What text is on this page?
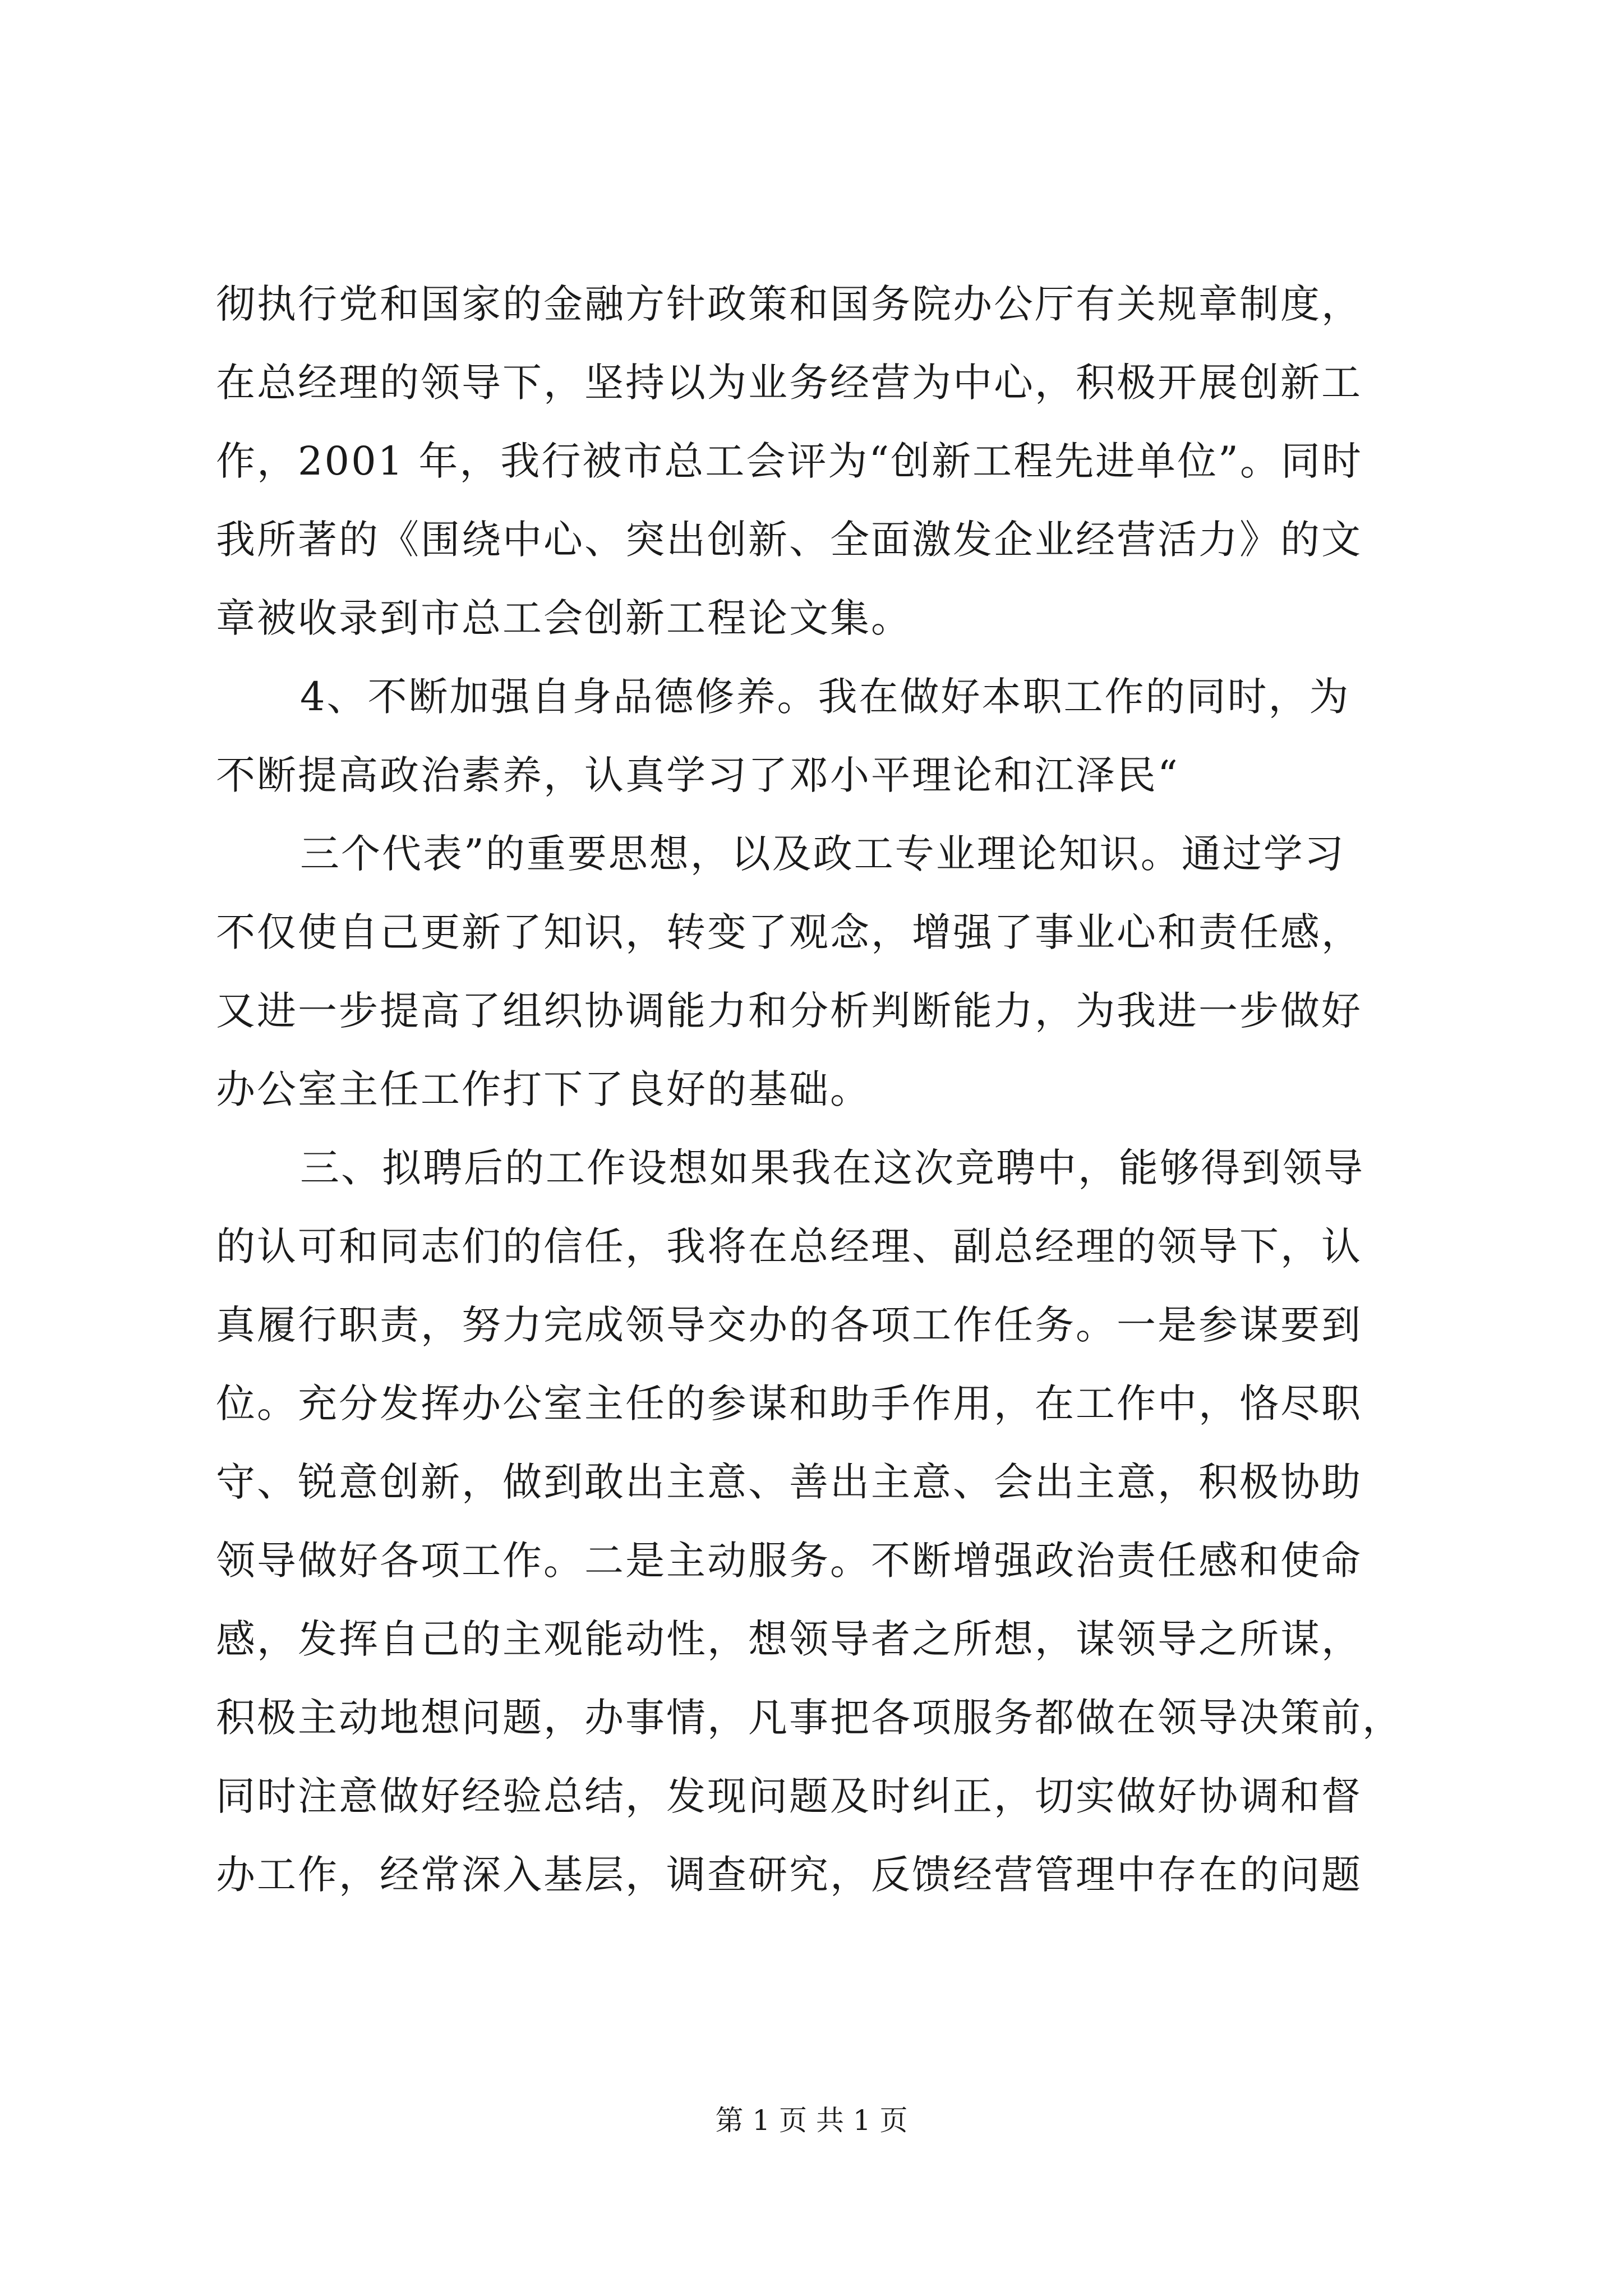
彻执行党和国家的金融方针政策和国务院办公厅有关规章制度，
在总经理的领导下，坚持以为业务经营为中心，积极开展创新工
作，2001 年，我行被市总工会评为“创新工程先进单位”。同时
我所著的《围绕中心、突出创新、全面激发企业经营活力》的文
章被收录到市总工会创新工程论文集。
4、不断加强自身品德修养。我在做好本职工作的同时，为
不断提高政治素养，认真学习了邓小平理论和江泽民“
三个代表”的重要思想，以及政工专业理论知识。通过学习
不仅使自己更新了知识，转变了观念，增强了事业心和责任感，
又进一步提高了组织协调能力和分析判断能力，为我进一步做好
办公室主任工作打下了良好的基础。
三、拟聘后的工作设想如果我在这次竞聘中，能够得到领导
的认可和同志们的信任，我将在总经理、副总经理的领导下，认
真履行职责，努力完成领导交办的各项工作任务。一是参谋要到
位。充分发挥办公室主任的参谋和助手作用，在工作中，恪尽职
守、锐意创新，做到敢出主意、善出主意、会出主意，积极协助
领导做好各项工作。二是主动服务。不断增强政治责任感和使命
感，发挥自己的主观能动性，想领导者之所想，谋领导之所谋，
积极主动地想问题，办事情，凡事把各项服务都做在领导决策前，
同时注意做好经验总结，发现问题及时纠正，切实做好协调和督
办工作，经常深入基层，调查研究，反馈经营管理中存在的问题
第 1 页 共 1 页
